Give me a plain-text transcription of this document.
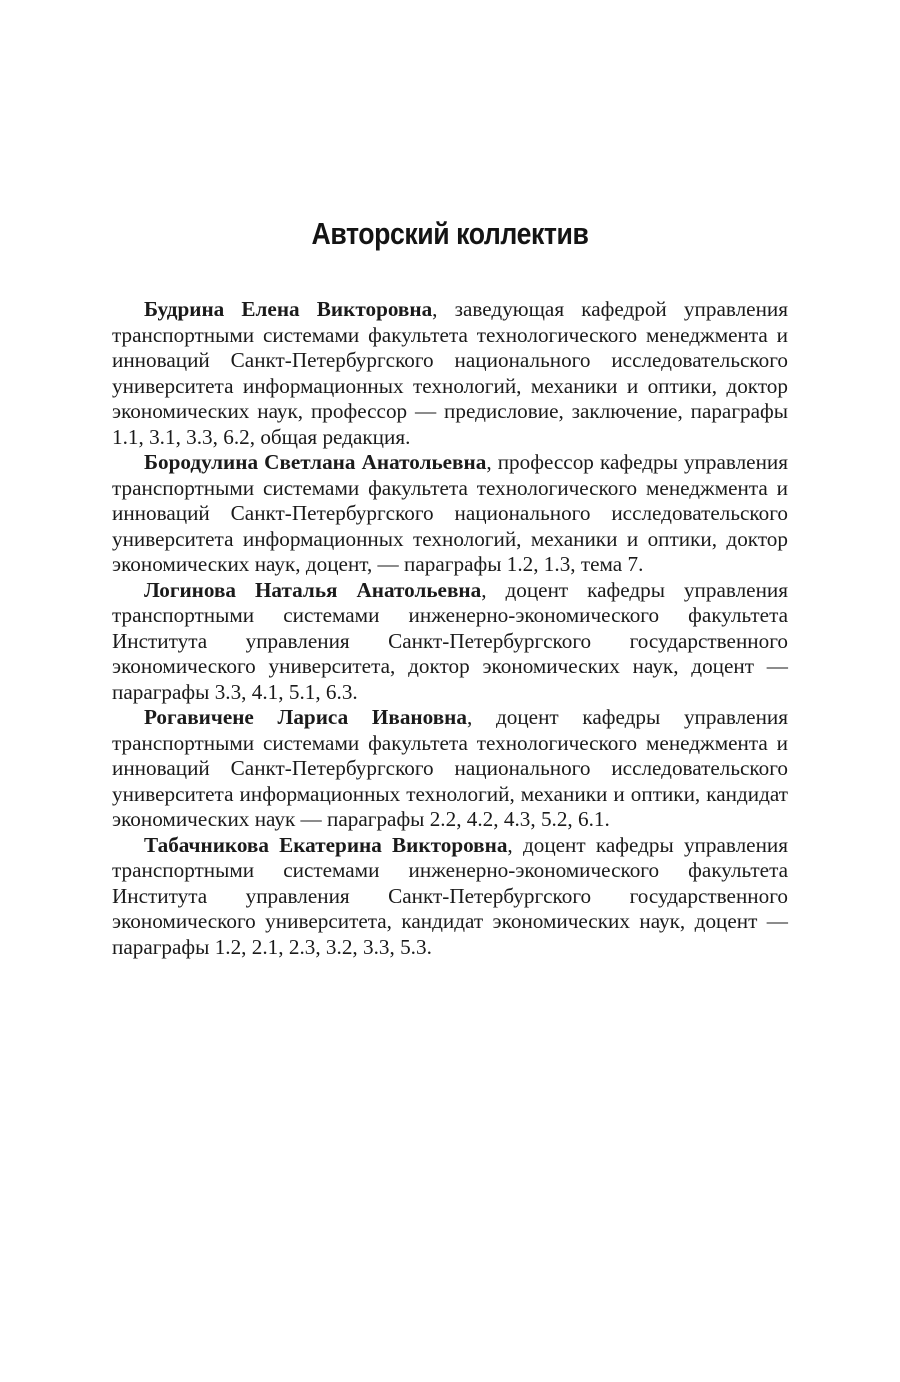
Авторский коллектив

Будрина Елена Викторовна, заведующая кафедрой управления транспортными системами факультета технологического менеджмента и инноваций Санкт-Петербургского национального исследовательского университета информационных технологий, механики и оптики, доктор экономических наук, профессор — предисловие, заключение, параграфы 1.1, 3.1, 3.3, 6.2, общая редакция.

Бородулина Светлана Анатольевна, профессор кафедры управления транспортными системами факультета технологического менеджмента и инноваций Санкт-Петербургского национального исследовательского университета информационных технологий, механики и оптики, доктор экономических наук, доцент, — параграфы 1.2, 1.3, тема 7.

Логинова Наталья Анатольевна, доцент кафедры управления транспортными системами инженерно-экономического факультета Института управления Санкт-Петербургского государственного экономического университета, доктор экономических наук, доцент — параграфы 3.3, 4.1, 5.1, 6.3.

Рогавичене Лариса Ивановна, доцент кафедры управления транспортными системами факультета технологического менеджмента и инноваций Санкт-Петербургского национального исследовательского университета информационных технологий, механики и оптики, кандидат экономических наук — параграфы 2.2, 4.2, 4.3, 5.2, 6.1.

Табачникова Екатерина Викторовна, доцент кафедры управления транспортными системами инженерно-экономического факультета Института управления Санкт-Петербургского государственного экономического университета, кандидат экономических наук, доцент — параграфы 1.2, 2.1, 2.3, 3.2, 3.3, 5.3.
